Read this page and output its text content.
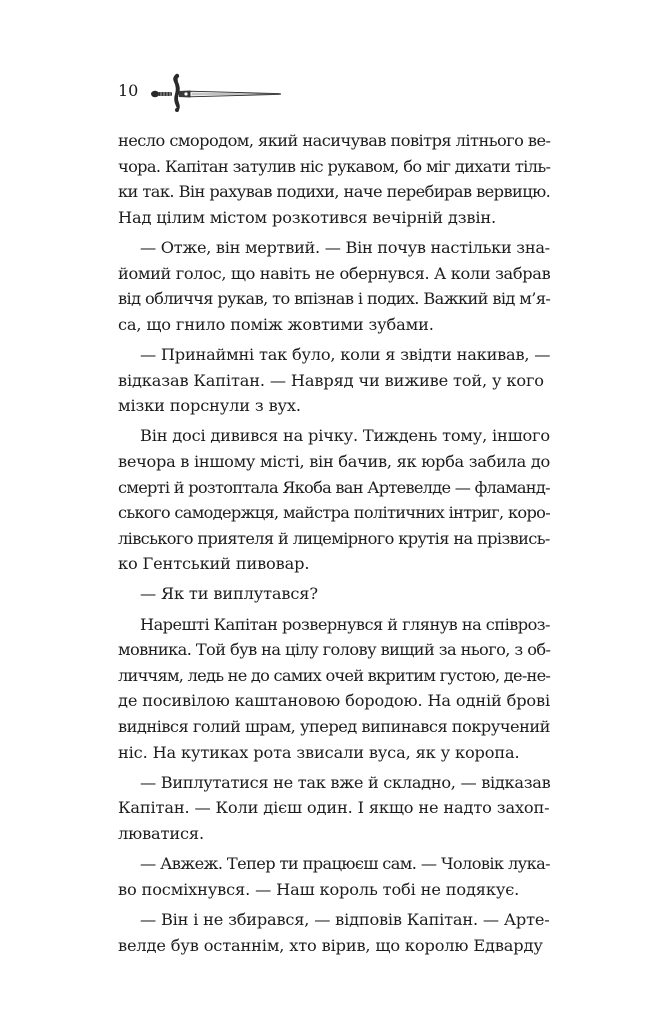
10
несло смородом, який насичував повітря літнього ве-
чора. Капітан затулив ніс рукавом, бо міг дихати тіль-
ки так. Він рахував подихи, наче перебирав вервицю.
Над цілим містом розкотився вечірній дзвін.
— Отже, він мертвий. — Він почув настільки зна-
йомий голос, що навіть не обернувся. А коли забрав
від обличчя рукав, то впізнав і подих. Важкий від м’я-
са, що гнило поміж жовтими зубами.
— Принаймні так було, коли я звідти накивав, —
відказав Капітан. — Навряд чи виживе той, у кого
мізки порснули з вух.
Він досі дивився на річку. Тиждень тому, іншого
вечора в іншому місті, він бачив, як юрба забила до
смерті й розтоптала Якоба ван Артевелде — фламанд-
ського самодержця, майстра політичних інтриг, коро-
лівського приятеля й лицемірного крутія на прізвись-
ко Гентський пивовар.
— Як ти виплутався?
Нарешті Капітан розвернувся й глянув на співроз-
мовника. Той був на цілу голову вищий за нього, з об-
личчям, ледь не до самих очей вкритим густою, де-не-
де посивілою каштановою бородою. На одній брові
виднівся голий шрам, уперед випинався покручений
ніс. На кутиках рота звисали вуса, як у коропа.
— Виплутатися не так вже й складно, — відказав
Капітан. — Коли дієш один. І якщо не надто захоп-
люватися.
— Авжеж. Тепер ти працюєш сам. — Чоловік лука-
во посміхнувся. — Наш король тобі не подякує.
— Він і не збирався, — відповів Капітан. — Арте-
велде був останнім, хто вірив, що королю Едварду
